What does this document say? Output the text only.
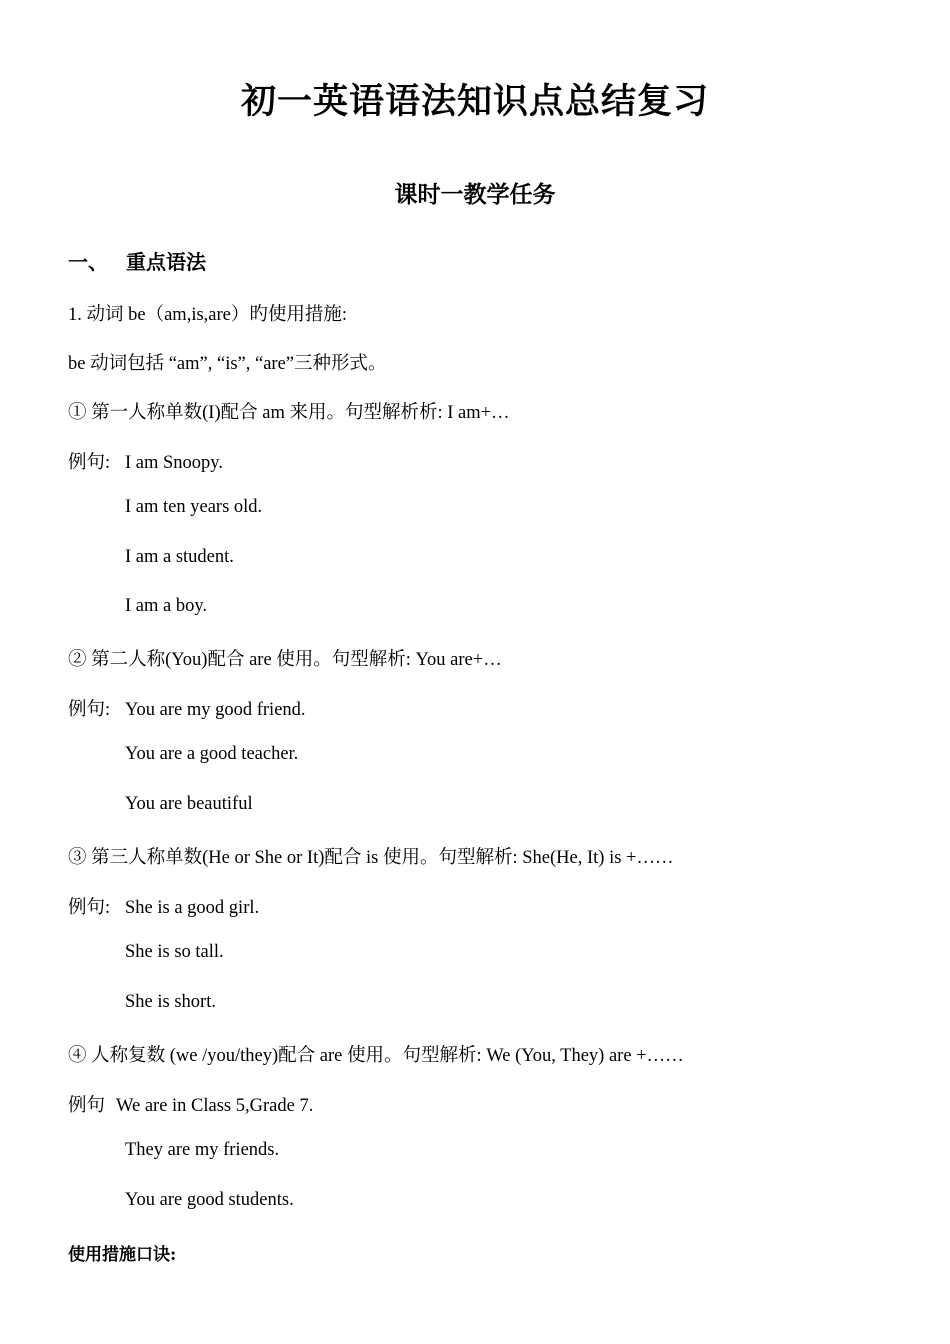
初一英语语法知识点总结复习
课时一教学任务
一、 重点语法
1. 动词 be（am,is,are）旳使用措施:
be 动词包括 “am”, “is”, “are”三种形式。
① 第一人称单数(I)配合 am 来用。句型解析析: I am+…
例句: I am Snoopy.
I am ten years old.
I am a student.
I am a boy.
② 第二人称(You)配合 are 使用。句型解析: You are+…
例句: You are my good friend.
You are a good teacher.
You are beautiful
③ 第三人称单数(He or She or It)配合 is 使用。句型解析: She(He, It) is +……
例句: She is a good girl.
She is so tall.
She is short.
④ 人称复数 (we /you/they)配合 are 使用。句型解析: We (You, They) are +……
例句 We are in Class 5,Grade 7.
They are my friends.
You are good students.
使用措施口诀:
